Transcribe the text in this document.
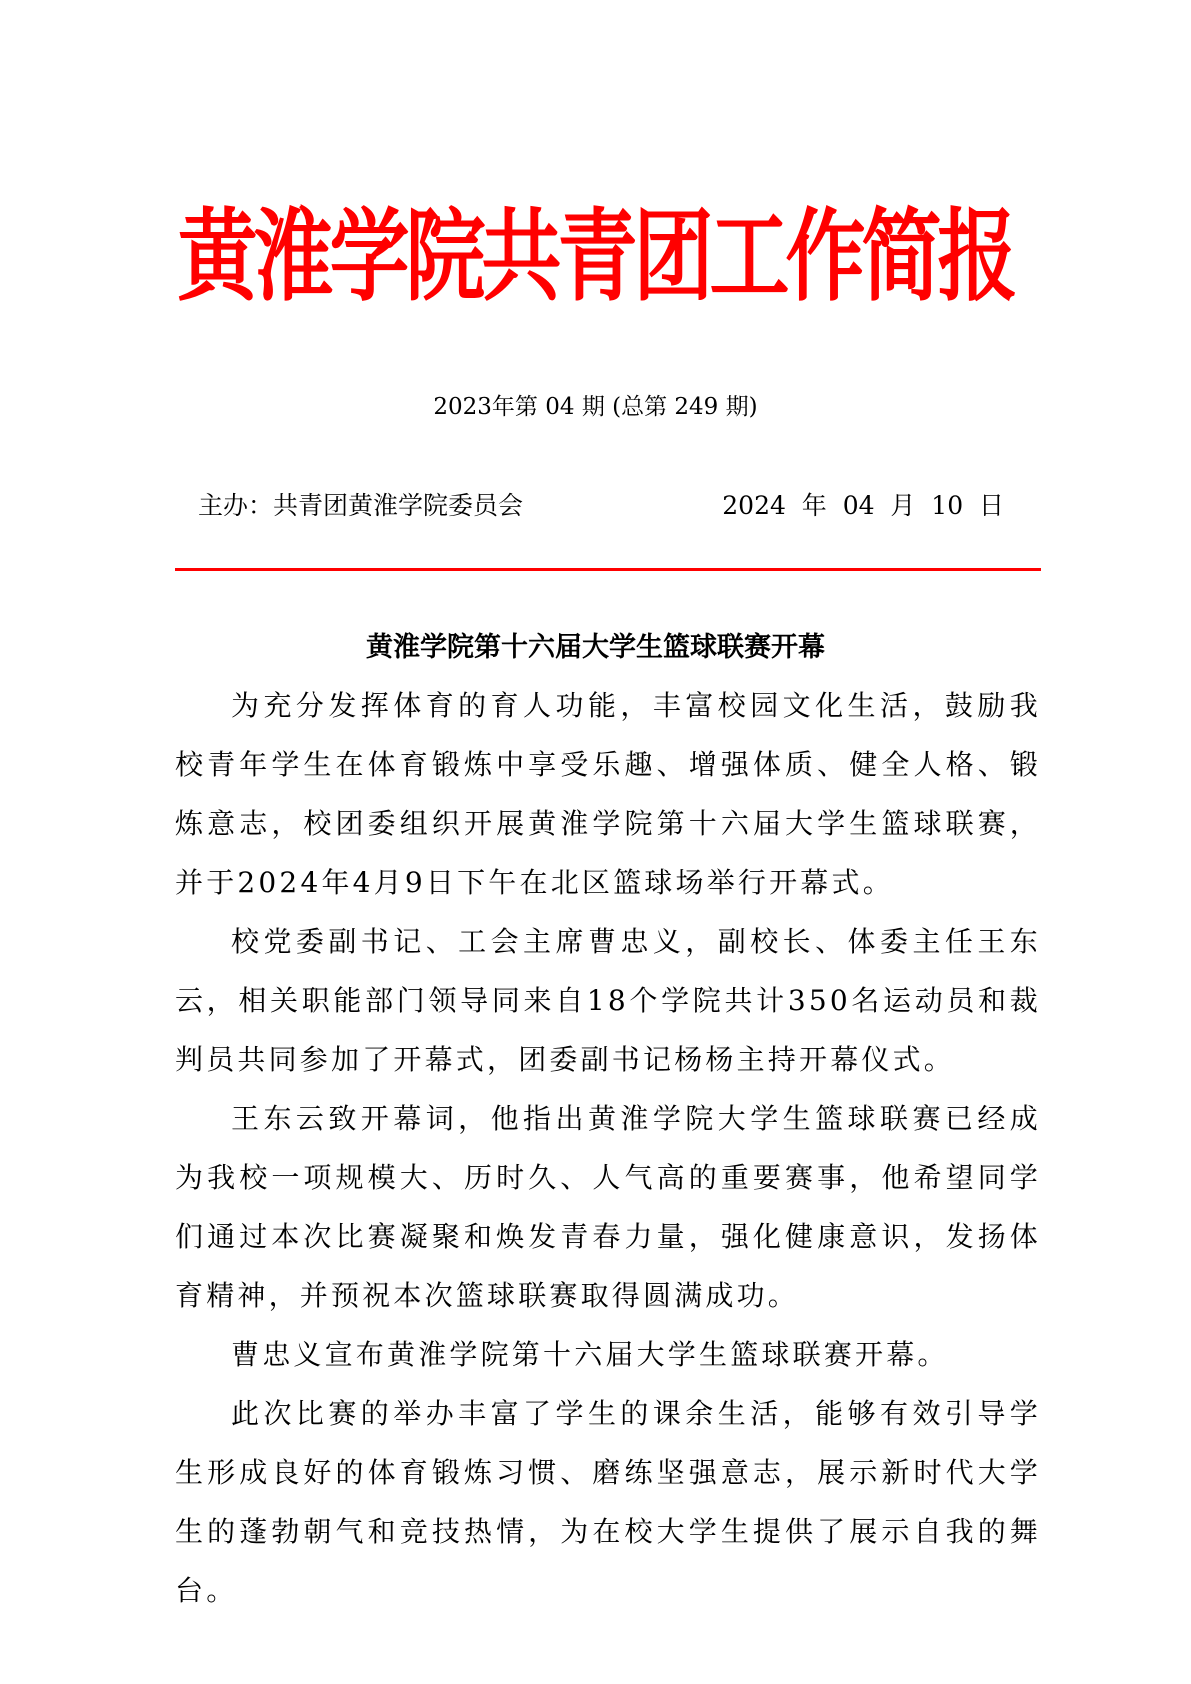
黄淮学院共青团工作简报
2023年第 04 期 (总第 249 期)
主办：共青团黄淮学院委员会	2024  年  04  月  10  日
黄淮学院第十六届大学生篮球联赛开幕

为充分发挥体育的育人功能，丰富校园文化生活，鼓励我校青年学生在体育锻炼中享受乐趣、增强体质、健全人格、锻炼意志，校团委组织开展黄淮学院第十六届大学生篮球联赛，并于2024年4月9日下午在北区篮球场举行开幕式。

校党委副书记、工会主席曹忠义，副校长、体委主任王东云，相关职能部门领导同来自18个学院共计350名运动员和裁判员共同参加了开幕式，团委副书记杨杨主持开幕仪式。

王东云致开幕词，他指出黄淮学院大学生篮球联赛已经成为我校一项规模大、历时久、人气高的重要赛事，他希望同学们通过本次比赛凝聚和焕发青春力量，强化健康意识，发扬体育精神，并预祝本次篮球联赛取得圆满成功。

曹忠义宣布黄淮学院第十六届大学生篮球联赛开幕。

此次比赛的举办丰富了学生的课余生活，能够有效引导学生形成良好的体育锻炼习惯、磨练坚强意志，展示新时代大学生的蓬勃朝气和竞技热情，为在校大学生提供了展示自我的舞台。
